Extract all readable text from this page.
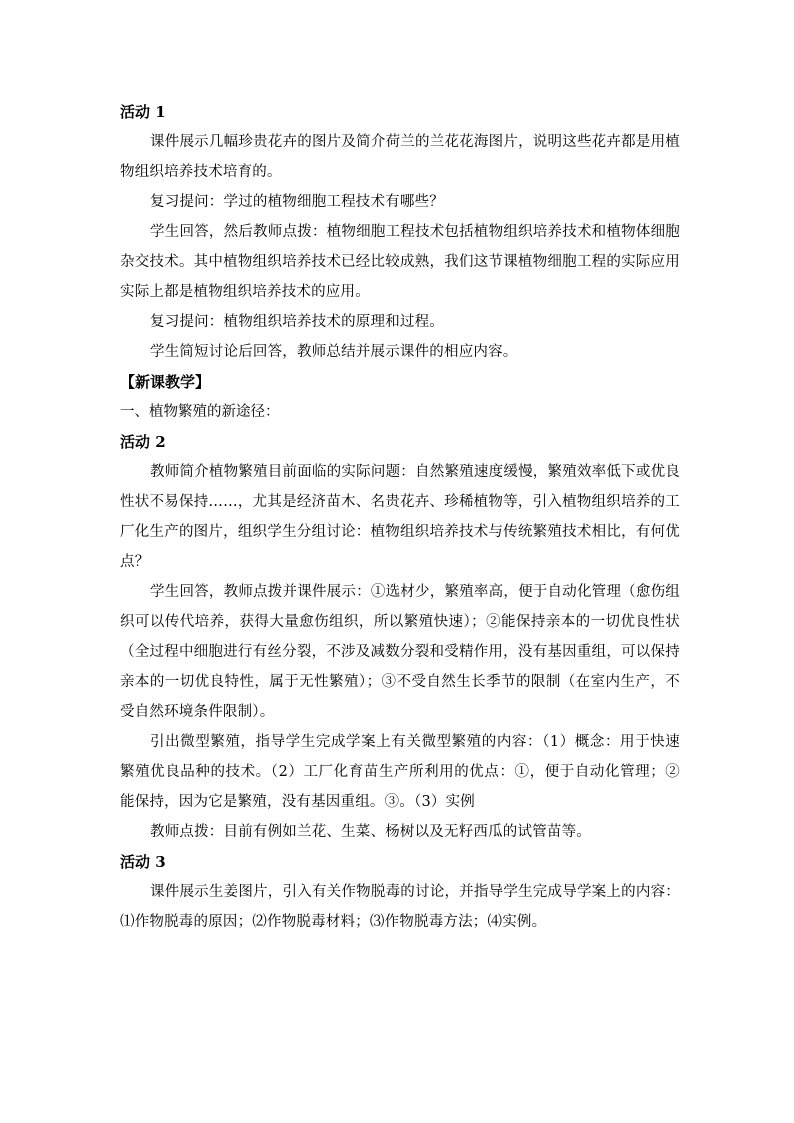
活动 1

课件展示几幅珍贵花卉的图片及简介荷兰的兰花花海图片，说明这些花卉都是用植物组织培养技术培育的。

复习提问：学过的植物细胞工程技术有哪些？

学生回答，然后教师点拨：植物细胞工程技术包括植物组织培养技术和植物体细胞杂交技术。其中植物组织培养技术已经比较成熟，我们这节课植物细胞工程的实际应用实际上都是植物组织培养技术的应用。

复习提问：植物组织培养技术的原理和过程。

学生简短讨论后回答，教师总结并展示课件的相应内容。

【新课教学】

一、植物繁殖的新途径：

活动 2

教师简介植物繁殖目前面临的实际问题：自然繁殖速度缓慢，繁殖效率低下或优良性状不易保持……，尤其是经济苗木、名贵花卉、珍稀植物等，引入植物组织培养的工厂化生产的图片，组织学生分组讨论：植物组织培养技术与传统繁殖技术相比，有何优点？

学生回答，教师点拨并课件展示：①选材少，繁殖率高，便于自动化管理（愈伤组织可以传代培养，获得大量愈伤组织，所以繁殖快速）；②能保持亲本的一切优良性状（全过程中细胞进行有丝分裂，不涉及减数分裂和受精作用，没有基因重组，可以保持亲本的一切优良特性，属于无性繁殖）；③不受自然生长季节的限制（在室内生产，不受自然环境条件限制）。

引出微型繁殖，指导学生完成学案上有关微型繁殖的内容：（1）概念：用于快速繁殖优良品种的技术。（2）工厂化育苗生产所利用的优点：①，便于自动化管理；②能保持，因为它是繁殖，没有基因重组。③。（3）实例

教师点拨：目前有例如兰花、生菜、杨树以及无籽西瓜的试管苗等。

活动 3

课件展示生姜图片，引入有关作物脱毒的讨论，并指导学生完成导学案上的内容：⑴作物脱毒的原因；⑵作物脱毒材料；⑶作物脱毒方法；⑷实例。
